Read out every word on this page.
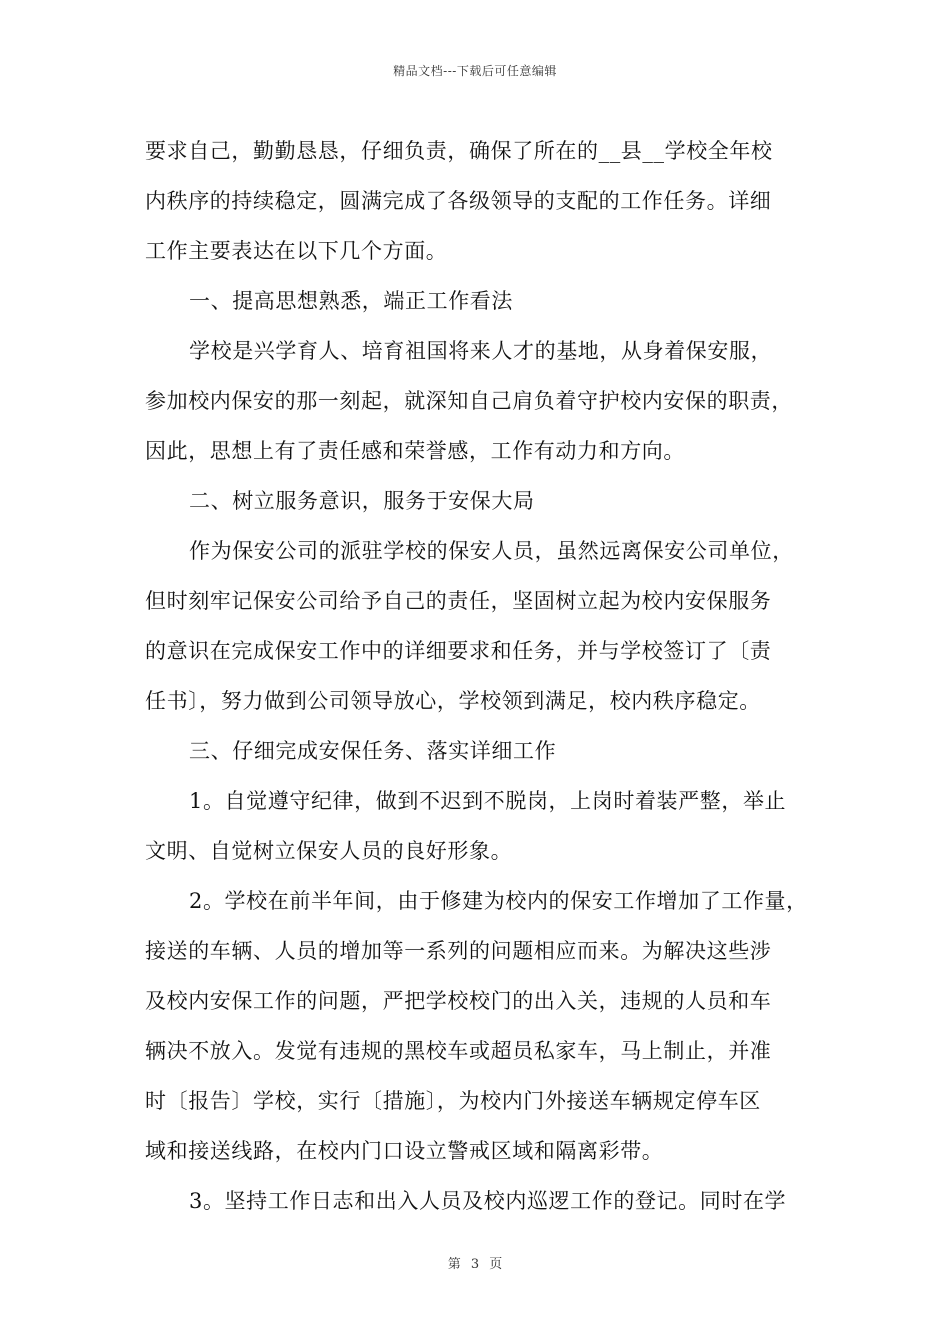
精品文档---下载后可任意编辑
要求自己，勤勤恳恳，仔细负责，确保了所在的__县__学校全年校
内秩序的持续稳定，圆满完成了各级领导的支配的工作任务。详细
工作主要表达在以下几个方面。
一、提高思想熟悉，端正工作看法
学校是兴学育人、培育祖国将来人才的基地，从身着保安服，
参加校内保安的那一刻起，就深知自己肩负着守护校内安保的职责，
因此，思想上有了责任感和荣誉感，工作有动力和方向。
二、树立服务意识，服务于安保大局
作为保安公司的派驻学校的保安人员，虽然远离保安公司单位，
但时刻牢记保安公司给予自己的责任，坚固树立起为校内安保服务
的意识在完成保安工作中的详细要求和任务，并与学校签订了〔责
任书〕，努力做到公司领导放心，学校领到满足，校内秩序稳定。
三、仔细完成安保任务、落实详细工作
1。自觉遵守纪律，做到不迟到不脱岗，上岗时着装严整，举止
文明、自觉树立保安人员的良好形象。
2。学校在前半年间，由于修建为校内的保安工作增加了工作量，
接送的车辆、人员的增加等一系列的问题相应而来。为解决这些涉
及校内安保工作的问题，严把学校校门的出入关，违规的人员和车
辆决不放入。发觉有违规的黑校车或超员私家车，马上制止，并准
时〔报告〕学校，实行〔措施〕，为校内门外接送车辆规定停车区
域和接送线路，在校内门口设立警戒区域和隔离彩带。
3。坚持工作日志和出入人员及校内巡逻工作的登记。同时在学
第 3 页
